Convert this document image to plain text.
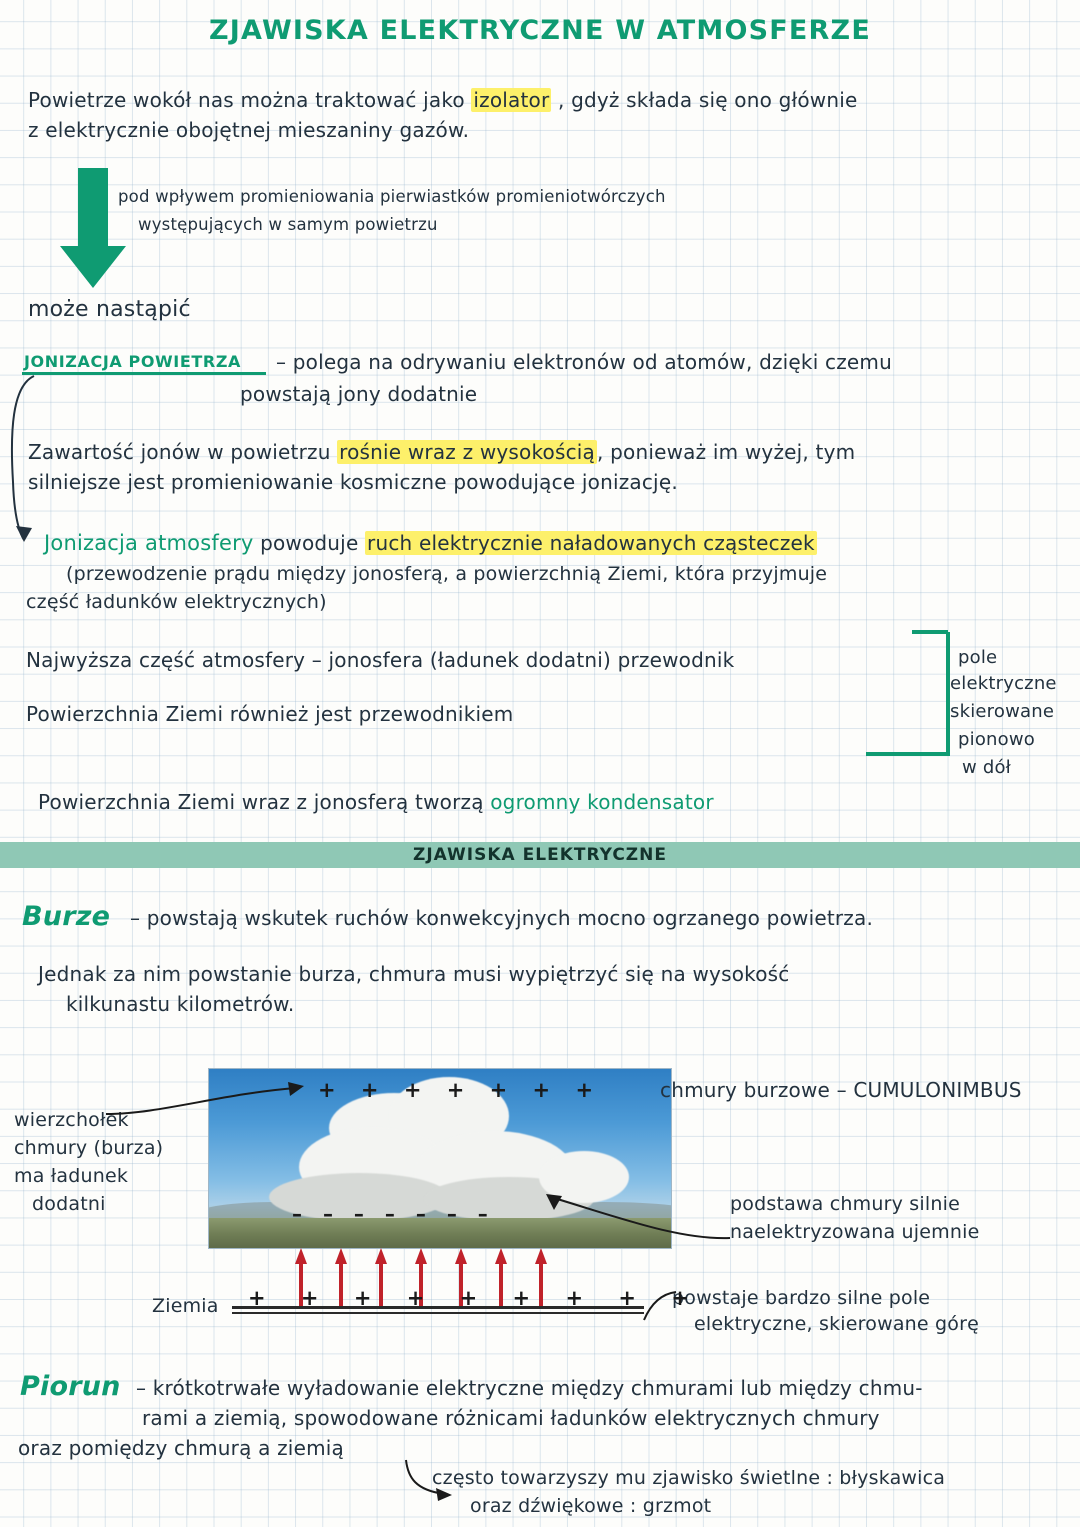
ZJAWISKA ELEKTRYCZNE W ATMOSFERZE
Powietrze wokół nas można traktować jako izolator , gdyż składa się ono głównie
z elektrycznie obojętnej mieszaniny gazów.
pod wpływem promieniowania pierwiastków promieniotwórczych
występujących w samym powietrzu
może nastąpić
JONIZACJA POWIETRZA – polega na odrywaniu elektronów od atomów, dzięki czemu
powstają jony dodatnie
Zawartość jonów w powietrzu rośnie wraz z wysokością , ponieważ im wyżej, tym
silniejsze jest promieniowanie kosmiczne powodujące jonizację.
Jonizacja atmosfery powoduje ruch elektrycznie naładowanych cząsteczek
(przewodzenie prądu między jonosferą, a powierzchnią Ziemi, która przyjmuje
część ładunków elektrycznych)
Najwyższa część atmosfery – jonosfera (ładunek dodatni) przewodnik
Powierzchnia Ziemi również jest przewodnikiem
pole
elektryczne
skierowane
pionowo
w dół
Powierzchnia Ziemi wraz z jonosferą tworzą ogromny kondensator
ZJAWISKA ELEKTRYCZNE
Burze – powstają wskutek ruchów konwekcyjnych mocno ogrzanego powietrza.
Jednak za nim powstanie burza, chmura musi wypiętrzyć się na wysokość
kilkunastu kilometrów.
+ + + + + + +
– – – – – – –
chmury burzowe – CUMULONIMBUS
wierzchołek
chmury (burza)
ma ładunek
dodatni	podstawa chmury silnie
naelektryzowana ujemnie
powstaje bardzo silne pole
elektryczne, skierowane górę
Ziemia + + + + + + + + +
Piorun – krótkotrwałe wyładowanie elektryczne między chmurami lub między chmu-
rami a ziemią, spowodowane różnicami ładunków elektrycznych chmury
oraz pomiędzy chmurą a ziemią
często towarzyszy mu zjawisko świetlne : błyskawica
oraz dźwiękowe : grzmot
